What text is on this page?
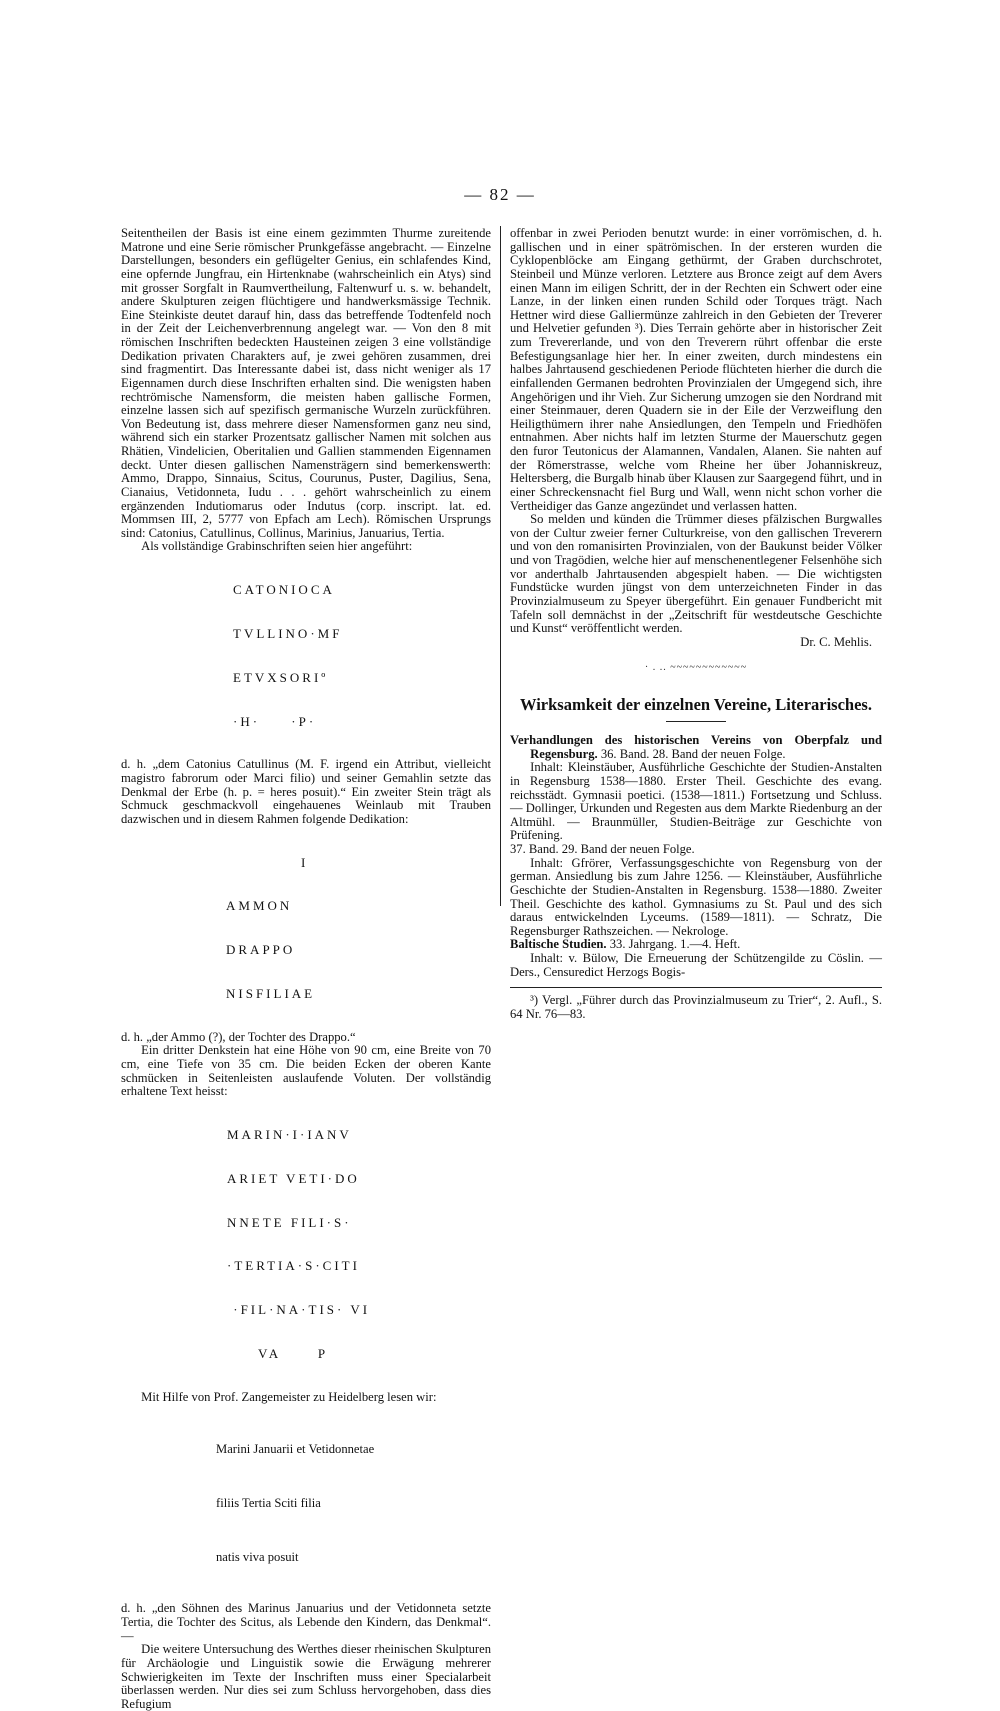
— 82 —

Seitentheilen der Basis ist eine einem gezimmten Thurme zureitende Matrone und eine Serie römischer Prunkgefässe angebracht. — Einzelne Darstellungen, besonders ein geflügelter Genius, ein schlafendes Kind, eine opfernde Jungfrau, ein Hirtenknabe (wahrscheinlich ein Atys) sind mit grosser Sorgfalt in Raumvertheilung, Faltenwurf u. s. w. behandelt, andere Skulpturen zeigen flüchtigere und handwerksmässige Technik. Eine Steinkiste deutet darauf hin, dass das betreffende Todtenfeld noch in der Zeit der Leichenverbrennung angelegt war. — Von den 8 mit römischen Inschriften bedeckten Hausteinen zeigen 3 eine vollständige Dedikation privaten Charakters auf, je zwei gehören zusammen, drei sind fragmentirt. Das Interessante dabei ist, dass nicht weniger als 17 Eigennamen durch diese Inschriften erhalten sind. Die wenigsten haben rechtrömische Namensform, die meisten haben gallische Formen, einzelne lassen sich auf spezifisch germanische Wurzeln zurückführen. Von Bedeutung ist, dass mehrere dieser Namensformen ganz neu sind, während sich ein starker Prozentsatz gallischer Namen mit solchen aus Rhätien, Vindelicien, Oberitalien und Gallien stammenden Eigennamen deckt. Unter diesen gallischen Namensträgern sind bemerkenswerth: Ammo, Drappo, Sinnaius, Scitus, Courunus, Puster, Dagilius, Sena, Cianaius, Vetidonneta, Iudu . . . gehört wahrscheinlich zu einem ergänzenden Indutiomarus oder Indutus (corp. inscript. lat. ed. Mommsen III, 2, 5777 von Epfach am Lech). Römischen Ursprungs sind: Catonius, Catullinus, Collinus, Marinius, Januarius, Tertia.

Als vollständige Grabinschriften seien hier angeführt:

CATONIOCA

TVLLINO·MF

ETVXSORIº

·H·     ·P·

d. h. „dem Catonius Catullinus (M. F. irgend ein Attribut, vielleicht magistro fabrorum oder Marci filio) und seiner Gemahlin setzte das Denkmal der Erbe (h. p. = heres posuit).“ Ein zweiter Stein trägt als Schmuck geschmackvoll eingehauenes Weinlaub mit Trauben dazwischen und in diesem Rahmen folgende Dedikation:

I

AMMON

DRAPPO

NISFILIAE

d. h. „der Ammo (?), der Tochter des Drappo.“

Ein dritter Denkstein hat eine Höhe von 90 cm, eine Breite von 70 cm, eine Tiefe von 35 cm. Die beiden Ecken der oberen Kante schmücken in Seitenleisten auslaufende Voluten. Der vollständig erhaltene Text heisst:

MARIN·I·IANV

ARIET VETI·DO

NNETE FILI·S·

·TERTIA·S·CITI

·FIL·NA·TIS· VI

VA      P

Mit Hilfe von Prof. Zangemeister zu Heidelberg lesen wir:

Marini Januarii et Vetidonnetae

filiis Tertia Sciti filia

natis viva posuit

d. h. „den Söhnen des Marinus Januarius und der Vetidonneta setzte Tertia, die Tochter des Scitus, als Lebende den Kindern, das Denkmal“. —

Die weitere Untersuchung des Werthes dieser rheinischen Skulpturen für Archäologie und Linguistik sowie die Erwägung mehrerer Schwierigkeiten im Texte der Inschriften muss einer Specialarbeit überlassen werden. Nur dies sei zum Schluss hervorgehoben, dass dies Refugium

offenbar in zwei Perioden benutzt wurde: in einer vorrömischen, d. h. gallischen und in einer spätrömischen. In der ersteren wurden die Cyklopenblöcke am Eingang gethürmt, der Graben durchschrotet, Steinbeil und Münze verloren. Letztere aus Bronce zeigt auf dem Avers einen Mann im eiligen Schritt, der in der Rechten ein Schwert oder eine Lanze, in der linken einen runden Schild oder Torques trägt. Nach Hettner wird diese Galliermünze zahlreich in den Gebieten der Treverer und Helvetier gefunden ³). Dies Terrain gehörte aber in historischer Zeit zum Trevererlande, und von den Treverern rührt offenbar die erste Befestigungsanlage hier her. In einer zweiten, durch mindestens ein halbes Jahrtausend geschiedenen Periode flüchteten hierher die durch die einfallenden Germanen bedrohten Provinzialen der Umgegend sich, ihre Angehörigen und ihr Vieh. Zur Sicherung umzogen sie den Nordrand mit einer Steinmauer, deren Quadern sie in der Eile der Verzweiflung den Heiligthümern ihrer nahe Ansiedlungen, den Tempeln und Friedhöfen entnahmen. Aber nichts half im letzten Sturme der Mauerschutz gegen den furor Teutonicus der Alamannen, Vandalen, Alanen. Sie nahten auf der Römerstrasse, welche vom Rheine her über Johanniskreuz, Heltersberg, die Burgalb hinab über Klausen zur Saargegend führt, und in einer Schreckensnacht fiel Burg und Wall, wenn nicht schon vorher die Vertheidiger das Ganze angezündet und verlassen hatten.

So melden und künden die Trümmer dieses pfälzischen Burgwalles von der Cultur zweier ferner Culturkreise, von den gallischen Treverern und von den romanisirten Provinzialen, von der Baukunst beider Völker und von Tragödien, welche hier auf menschenentlegener Felsenhöhe sich vor anderthalb Jahrtausenden abgespielt haben. — Die wichtigsten Fundstücke wurden jüngst von dem unterzeichneten Finder in das Provinzialmuseum zu Speyer übergeführt. Ein genauer Fundbericht mit Tafeln soll demnächst in der „Zeitschrift für westdeutsche Geschichte und Kunst“ veröffentlicht werden.

Dr. C. Mehlis.

· . .. ~~~~~~~~~~~~
Wirksamkeit der einzelnen Vereine, Literarisches.

Verhandlungen des historischen Vereins von Oberpfalz und Regensburg. 36. Band. 28. Band der neuen Folge.

Inhalt: Kleinstäuber, Ausführliche Geschichte der Studien-Anstalten in Regensburg 1538—1880. Erster Theil. Geschichte des evang. reichsstädt. Gymnasii poetici. (1538—1811.) Fortsetzung und Schluss. — Dollinger, Urkunden und Regesten aus dem Markte Riedenburg an der Altmühl. — Braunmüller, Studien-Beiträge zur Geschichte von Prüfening.

37. Band. 29. Band der neuen Folge.

Inhalt: Gfrörer, Verfassungsgeschichte von Regensburg von der german. Ansiedlung bis zum Jahre 1256. — Kleinstäuber, Ausführliche Geschichte der Studien-Anstalten in Regensburg. 1538—1880. Zweiter Theil. Geschichte des kathol. Gymnasiums zu St. Paul und des sich daraus entwickelnden Lyceums. (1589—1811). — Schratz, Die Regensburger Rathszeichen. — Nekrologe.

Baltische Studien. 33. Jahrgang. 1.—4. Heft.

Inhalt: v. Bülow, Die Erneuerung der Schützengilde zu Cöslin. — Ders., Censuredict Herzogs Bogis-

³) Vergl. „Führer durch das Provinzialmuseum zu Trier“, 2. Aufl., S. 64 Nr. 76—83.
